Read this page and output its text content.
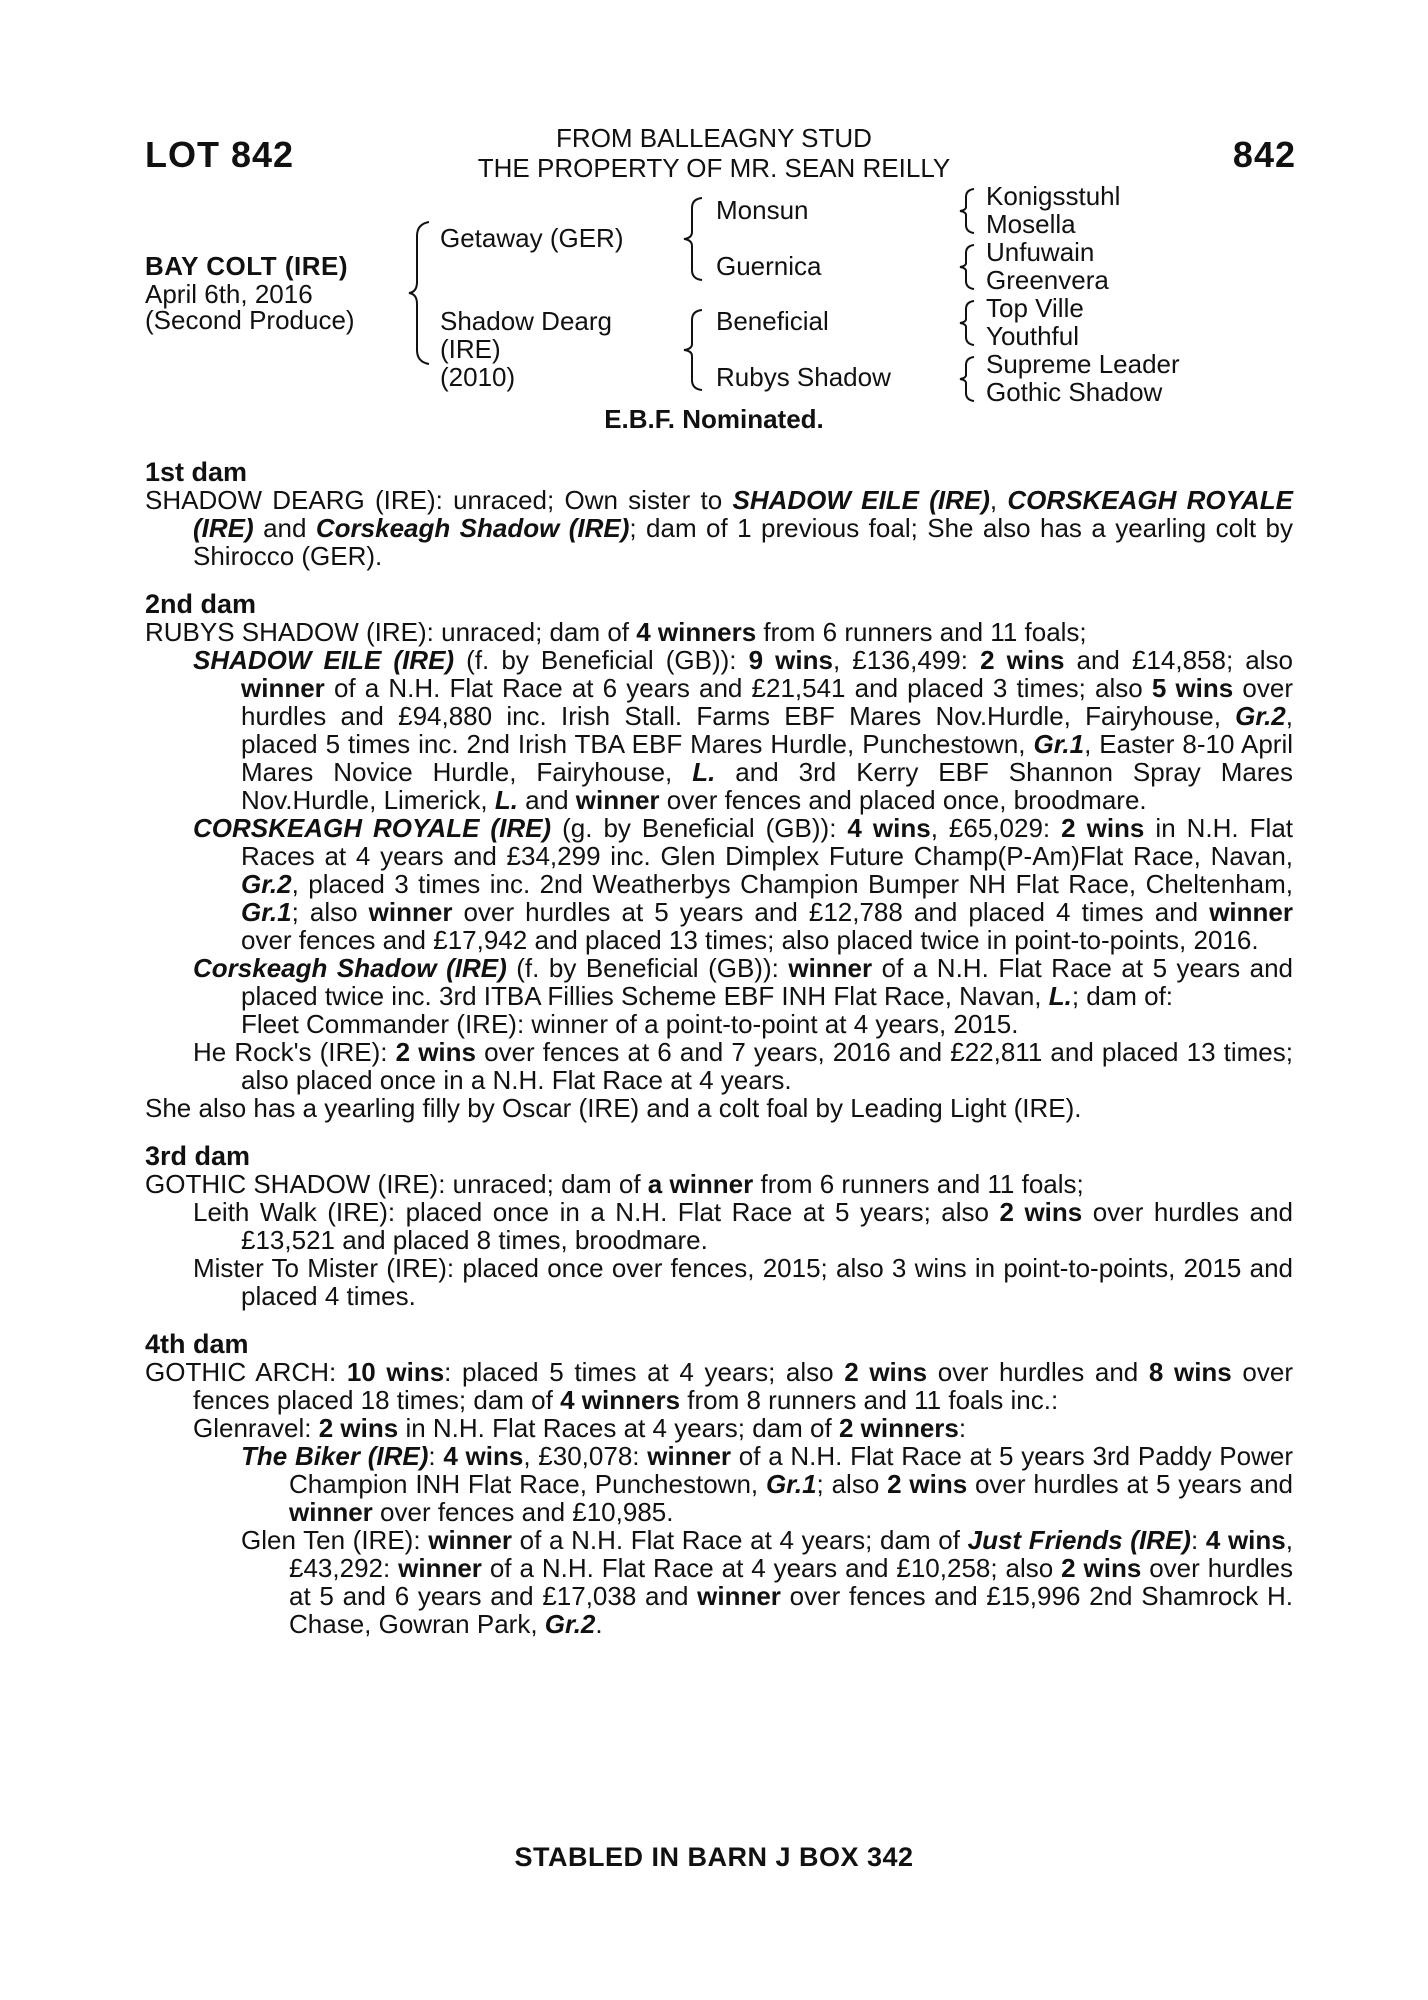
LOT 842	FROM BALLEAGNY STUD
THE PROPERTY OF MR. SEAN REILLY	842
BAY COLT (IRE)
April 6th, 2016
(Second Produce)
Getaway (GER)
Shadow Dearg
(IRE)
(2010)
Monsun
Guernica
Beneficial
Rubys Shadow
Konigsstuhl
Mosella
Unfuwain
Greenvera
Top Ville
Youthful
Supreme Leader
Gothic Shadow
E.B.F. Nominated.

1st dam

SHADOW DEARG (IRE): unraced; Own sister to SHADOW EILE (IRE), CORSKEAGH ROYALE (IRE) and Corskeagh Shadow (IRE); dam of 1 previous foal; She also has a yearling colt by Shirocco (GER).

2nd dam

RUBYS SHADOW (IRE): unraced; dam of 4 winners from 6 runners and 11 foals;

SHADOW EILE (IRE) (f. by Beneficial (GB)): 9 wins, £136,499: 2 wins and £14,858; also winner of a N.H. Flat Race at 6 years and £21,541 and placed 3 times; also 5 wins over hurdles and £94,880 inc. Irish Stall. Farms EBF Mares Nov.Hurdle, Fairyhouse, Gr.2, placed 5 times inc. 2nd Irish TBA EBF Mares Hurdle, Punchestown, Gr.1, Easter 8-10 April Mares Novice Hurdle, Fairyhouse, L. and 3rd Kerry EBF Shannon Spray Mares Nov.Hurdle, Limerick, L. and winner over fences and placed once, broodmare.

CORSKEAGH ROYALE (IRE) (g. by Beneficial (GB)): 4 wins, £65,029: 2 wins in N.H. Flat Races at 4 years and £34,299 inc. Glen Dimplex Future Champ(P-Am)Flat Race, Navan, Gr.2, placed 3 times inc. 2nd Weatherbys Champion Bumper NH Flat Race, Cheltenham, Gr.1; also winner over hurdles at 5 years and £12,788 and placed 4 times and winner over fences and £17,942 and placed 13 times; also placed twice in point-to-points, 2016.

Corskeagh Shadow (IRE) (f. by Beneficial (GB)): winner of a N.H. Flat Race at 5 years and placed twice inc. 3rd ITBA Fillies Scheme EBF INH Flat Race, Navan, L.; dam of:

Fleet Commander (IRE): winner of a point-to-point at 4 years, 2015.

He Rock's (IRE): 2 wins over fences at 6 and 7 years, 2016 and £22,811 and placed 13 times; also placed once in a N.H. Flat Race at 4 years.

She also has a yearling filly by Oscar (IRE) and a colt foal by Leading Light (IRE).

3rd dam

GOTHIC SHADOW (IRE): unraced; dam of a winner from 6 runners and 11 foals;

Leith Walk (IRE): placed once in a N.H. Flat Race at 5 years; also 2 wins over hurdles and £13,521 and placed 8 times, broodmare.

Mister To Mister (IRE): placed once over fences, 2015; also 3 wins in point-to-points, 2015 and placed 4 times.

4th dam

GOTHIC ARCH: 10 wins: placed 5 times at 4 years; also 2 wins over hurdles and 8 wins over fences placed 18 times; dam of 4 winners from 8 runners and 11 foals inc.:

Glenravel: 2 wins in N.H. Flat Races at 4 years; dam of 2 winners:

The Biker (IRE): 4 wins, £30,078: winner of a N.H. Flat Race at 5 years 3rd Paddy Power Champion INH Flat Race, Punchestown, Gr.1; also 2 wins over hurdles at 5 years and winner over fences and £10,985.

Glen Ten (IRE): winner of a N.H. Flat Race at 4 years; dam of Just Friends (IRE): 4 wins, £43,292: winner of a N.H. Flat Race at 4 years and £10,258; also 2 wins over hurdles at 5 and 6 years and £17,038 and winner over fences and £15,996 2nd Shamrock H. Chase, Gowran Park, Gr.2.

STABLED IN BARN J BOX 342
